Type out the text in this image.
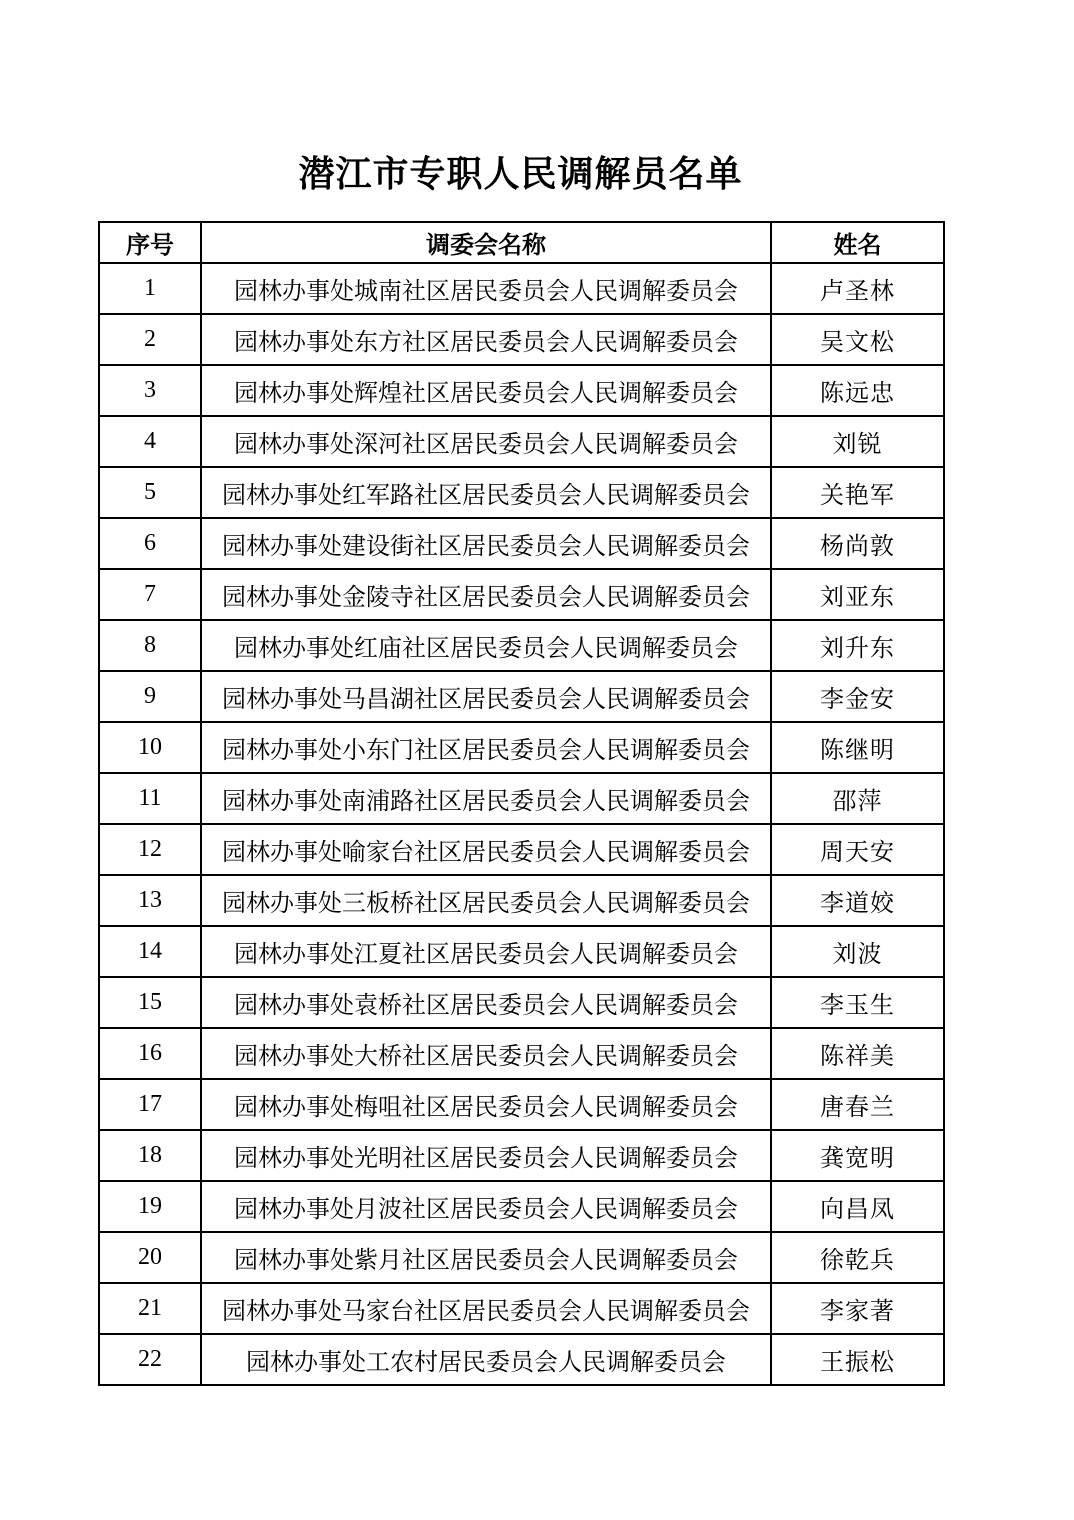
潜江市专职人民调解员名单
序号	调委会名称	姓名
1	园林办事处城南社区居民委员会人民调解委员会	卢圣林
2	园林办事处东方社区居民委员会人民调解委员会	吴文松
3	园林办事处辉煌社区居民委员会人民调解委员会	陈远忠
4	园林办事处深河社区居民委员会人民调解委员会	刘锐
5	园林办事处红军路社区居民委员会人民调解委员会	关艳军
6	园林办事处建设街社区居民委员会人民调解委员会	杨尚敦
7	园林办事处金陵寺社区居民委员会人民调解委员会	刘亚东
8	园林办事处红庙社区居民委员会人民调解委员会	刘升东
9	园林办事处马昌湖社区居民委员会人民调解委员会	李金安
10	园林办事处小东门社区居民委员会人民调解委员会	陈继明
11	园林办事处南浦路社区居民委员会人民调解委员会	邵萍
12	园林办事处喻家台社区居民委员会人民调解委员会	周天安
13	园林办事处三板桥社区居民委员会人民调解委员会	李道姣
14	园林办事处江夏社区居民委员会人民调解委员会	刘波
15	园林办事处袁桥社区居民委员会人民调解委员会	李玉生
16	园林办事处大桥社区居民委员会人民调解委员会	陈祥美
17	园林办事处梅咀社区居民委员会人民调解委员会	唐春兰
18	园林办事处光明社区居民委员会人民调解委员会	龚宽明
19	园林办事处月波社区居民委员会人民调解委员会	向昌凤
20	园林办事处紫月社区居民委员会人民调解委员会	徐乾兵
21	园林办事处马家台社区居民委员会人民调解委员会	李家著
22	园林办事处工农村居民委员会人民调解委员会	王振松
